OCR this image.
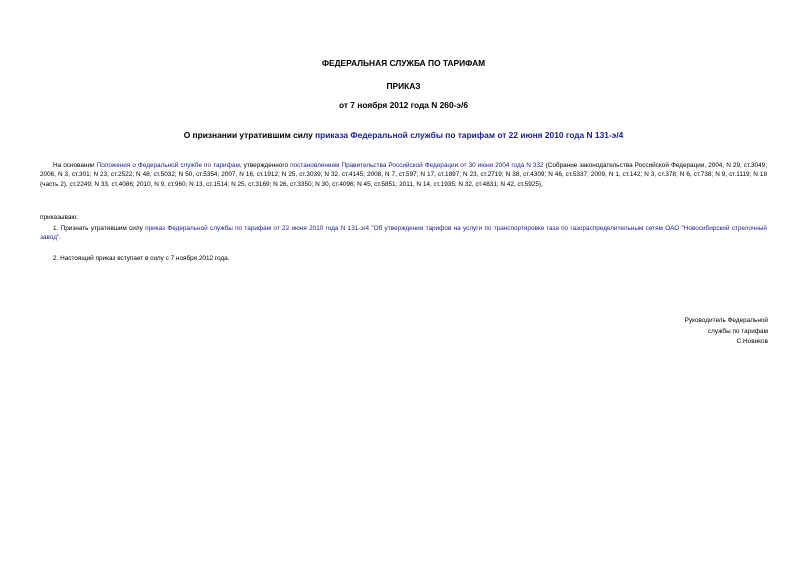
ФЕДЕРАЛЬНАЯ СЛУЖБА ПО ТАРИФАМ

ПРИКАЗ

от 7 ноября 2012 года N 260-э/6

О признании утратившим силу приказа Федеральной службы по тарифам от 22 июня 2010 года N 131-э/4

На основании Положения о Федеральной службе по тарифам, утвержденного постановлением Правительства Российской Федерации от 30 июня 2004 года N 332 (Собрание законодательства Российской Федерации, 2004, N 29, ст.3049; 2006, N 3, ст.301; N 23, ст.2522; N 48, ст.5032; N 50, ст.5354; 2007, N 16, ст.1912; N 25, ст.3039; N 32, ст.4145; 2008, N 7, ст.597; N 17, ст.1897; N 23, ст.2719; N 38, ст.4309; N 46, ст.5337; 2009, N 1, ст.142; N 3, ст.378; N 6, ст.738; N 9, ст.1119; N 18 (часть 2), ст.2249; N 33, ст.4086; 2010, N 9, ст.960; N 13, ст.1514; N 25, ст.3169; N 26, ст.3350; N 30, ст.4096; N 45, ст.5851; 2011, N 14, ст.1935; N 32, ст.4831; N 42, ст.5925),

приказываю:

1. Признать утратившим силу приказ Федеральной службы по тарифам от 22 июня 2010 года N 131-э/4 "Об утверждении тарифов на услуги по транспортировке газа по газораспределительным сетям ОАО "Новосибирский стрелочный завод".

2. Настоящий приказ вступает в силу с 7 ноября 2012 года.

Руководитель Федеральной
службы по тарифам
С.Новиков
